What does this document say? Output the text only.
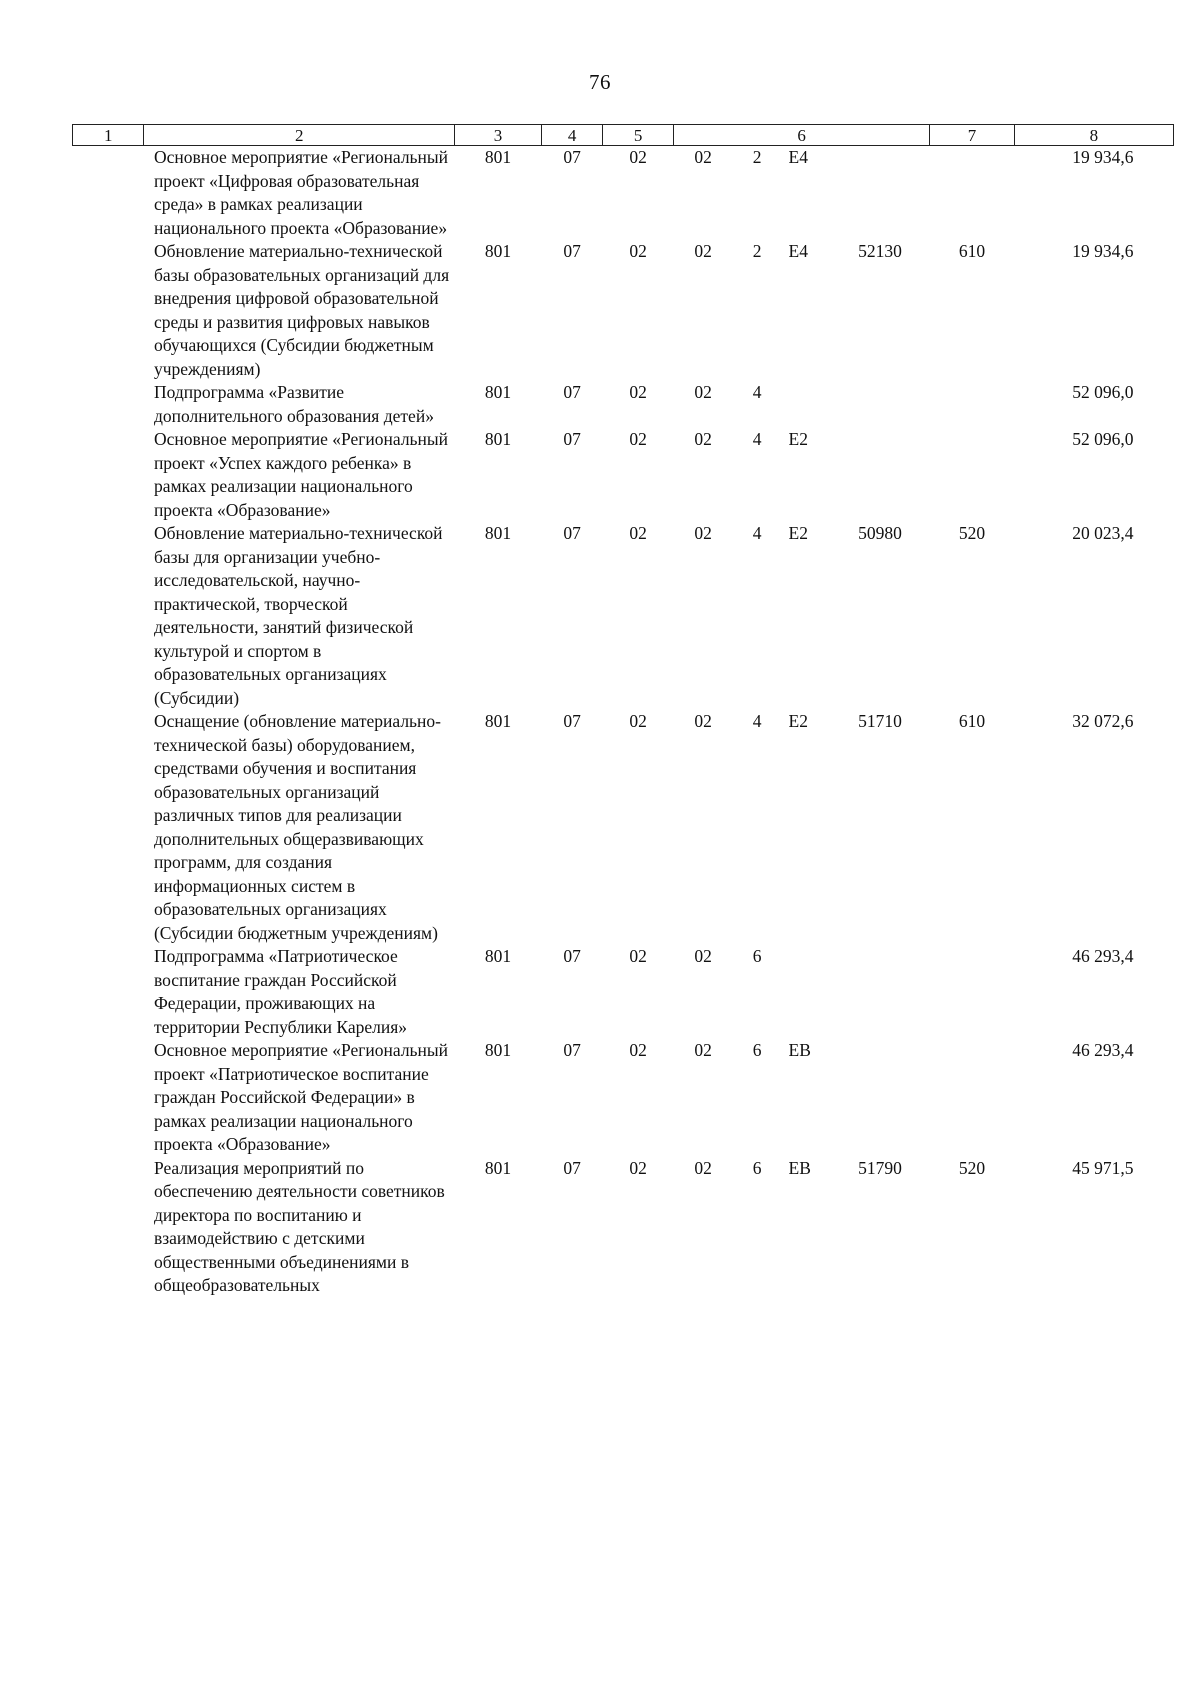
76
1	2	3	4	5	6				7	8
	Основное мероприятие «Региональный проект «Цифровая образовательная среда» в рамках реализации национального проекта «Образование»	801	07	02	02	2	E4			19 934,6
	Обновление материально-технической базы образовательных организаций для внедрения цифровой образовательной среды и развития цифровых навыков обучающихся (Субсидии бюджетным учреждениям)	801	07	02	02	2	E4	52130	610	19 934,6
	Подпрограмма «Развитие дополнительного образования детей»	801	07	02	02	4				52 096,0
	Основное мероприятие «Региональный проект «Успех каждого ребенка» в рамках реализации национального проекта «Образование»	801	07	02	02	4	E2			52 096,0
	Обновление материально-технической базы для организации учебно-исследовательской, научно-практической, творческой деятельности, занятий физической культурой и спортом в образовательных организациях (Субсидии)	801	07	02	02	4	E2	50980	520	20 023,4
	Оснащение (обновление материально-технической базы) оборудованием, средствами обучения и воспитания образовательных организаций различных типов для реализации дополнительных общеразвивающих программ, для создания информационных систем в образовательных организациях (Субсидии бюджетным учреждениям)	801	07	02	02	4	E2	51710	610	32 072,6
	Подпрограмма «Патриотическое воспитание граждан Российской Федерации, проживающих на территории Республики Карелия»	801	07	02	02	6				46 293,4
	Основное мероприятие «Региональный проект «Патриотическое воспитание граждан Российской Федерации» в рамках реализации национального проекта «Образование»	801	07	02	02	6	EB			46 293,4
	Реализация мероприятий по обеспечению деятельности советников директора по воспитанию и взаимодействию с детскими общественными объединениями в общеобразовательных	801	07	02	02	6	EB	51790	520	45 971,5
